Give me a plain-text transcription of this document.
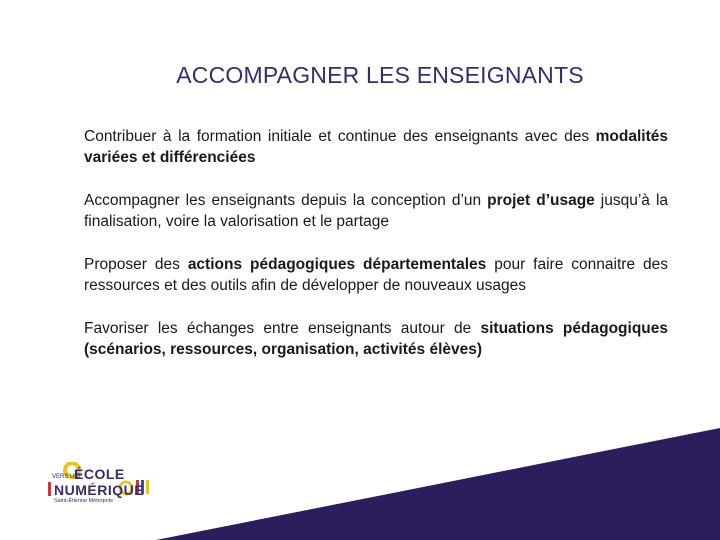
ACCOMPAGNER LES ENSEIGNANTS

Contribuer à la formation initiale et continue des enseignants avec des modalités variées et différenciées

Accompagner les enseignants depuis la conception d’un projet d’usage jusqu’à la finalisation, voire la valorisation et le partage

Proposer des actions pédagogiques départementales pour faire connaitre des ressources et des outils afin de développer de nouveaux usages

Favoriser les échanges entre enseignants autour de situations pédagogiques (scénarios, ressources, organisation, activités élèves)

VERS UNE
ÉCOLE
NUMÉRIQUE
Saint-Étienne Métropole
